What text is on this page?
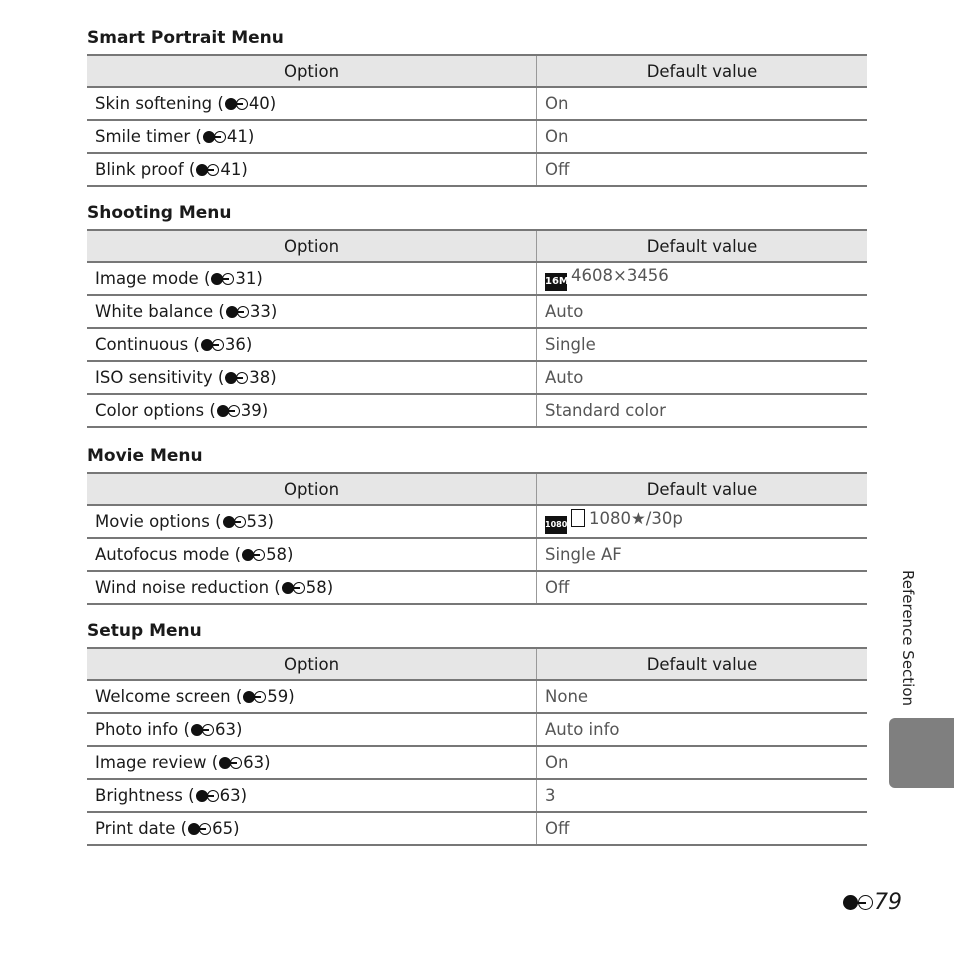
Smart Portrait Menu
Option	Default value
Skin softening ( 40)	On
Smile timer ( 41)	On
Blink proof ( 41)	Off
Shooting Menu
Option	Default value
Image mode ( 31)	16M 4608×3456
White balance ( 33)	Auto
Continuous ( 36)	Single
ISO sensitivity ( 38)	Auto
Color options ( 39)	Standard color
Movie Menu
Option	Default value
Movie options ( 53)	1080 1080★/30p
Autofocus mode ( 58)	Single AF
Wind noise reduction ( 58)	Off
Setup Menu
Option	Default value
Welcome screen ( 59)	None
Photo info ( 63)	Auto info
Image review ( 63)	On
Brightness ( 63)	3
Print date ( 65)	Off
Reference Section
79
